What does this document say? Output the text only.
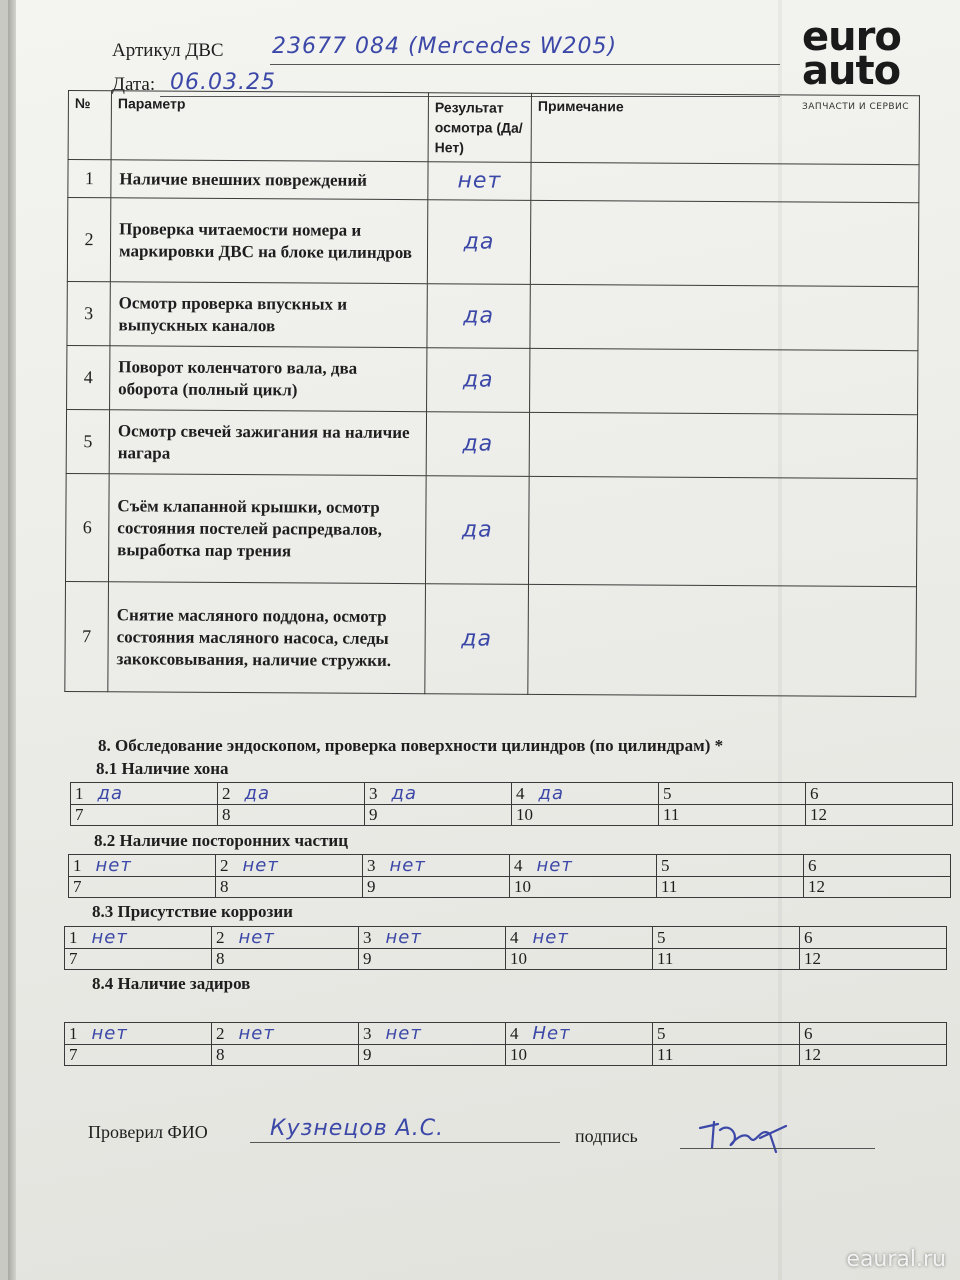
Артикул ДВС 23677 084 (Mercedes W205)
Дата: 06.03.25
euro
auto
ЗАПЧАСТИ И СЕРВИС
№	Параметр	Результат осмотра (Да/Нет)	Примечание
1	Наличие внешних повреждений	нет	
2	Проверка читаемости номера и маркировки ДВС на блоке цилиндров	да	
3	Осмотр проверка впускных и выпускных каналов	да	
4	Поворот коленчатого вала, два оборота (полный цикл)	да	
5	Осмотр свечей зажигания на наличие нагара	да	
6	Съём клапанной крышки, осмотр состояния постелей распредвалов, выработка пар трения	да	
7	Снятие масляного поддона, осмотр состояния масляного насоса, следы закоксовывания, наличие стружки.	да	
8. Обследование эндоскопом, проверка поверхности цилиндров (по цилиндрам) *
8.1 Наличие хона
1 да	2 да	3 да	4 да	5	6
7	8	9	10	11	12
8.2 Наличие посторонних частиц
1 нет	2 нет	3 нет	4 нет	5	6
7	8	9	10	11	12
8.3 Присутствие коррозии
1 нет	2 нет	3 нет	4 нет	5	6
7	8	9	10	11	12
8.4 Наличие задиров
1 нет	2 нет	3 нет	4 Нет	5	6
7	8	9	10	11	12
Проверил ФИО	Кузнецов А.С.	подпись
eaural.ru
